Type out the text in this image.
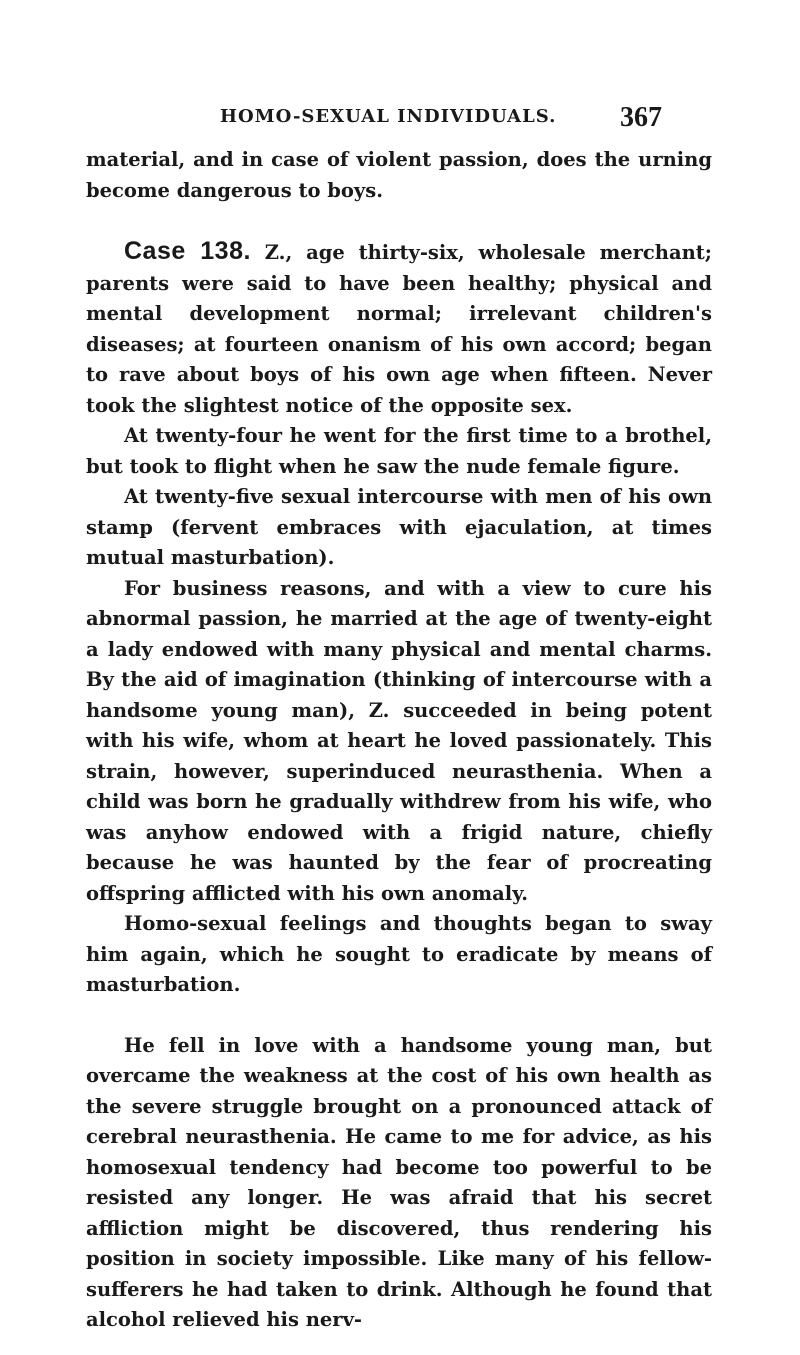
HOMO-SEXUAL INDIVIDUALS. 367

material, and in case of violent passion, does the urning become dangerous to boys.

Case 138. Z., age thirty-six, wholesale merchant; parents were said to have been healthy; physical and mental development normal; irrelevant children's diseases; at fourteen onanism of his own accord; began to rave about boys of his own age when fifteen. Never took the slightest notice of the opposite sex.

At twenty-four he went for the first time to a brothel, but took to flight when he saw the nude female figure.

At twenty-five sexual intercourse with men of his own stamp (fervent embraces with ejaculation, at times mutual masturbation).

For business reasons, and with a view to cure his abnormal passion, he married at the age of twenty-eight a lady endowed with many physical and mental charms. By the aid of imagination (thinking of intercourse with a handsome young man), Z. succeeded in being potent with his wife, whom at heart he loved passionately. This strain, however, superinduced neurasthenia. When a child was born he gradually withdrew from his wife, who was anyhow endowed with a frigid nature, chiefly because he was haunted by the fear of procreating offspring afflicted with his own anomaly.

Homo-sexual feelings and thoughts began to sway him again, which he sought to eradicate by means of masturbation.

He fell in love with a handsome young man, but overcame the weakness at the cost of his own health as the severe struggle brought on a pronounced attack of cerebral neurasthenia. He came to me for advice, as his homosexual tendency had become too powerful to be resisted any longer. He was afraid that his secret affliction might be discovered, thus rendering his position in society impossible. Like many of his fellow-sufferers he had taken to drink. Although he found that alcohol relieved his nerv-
